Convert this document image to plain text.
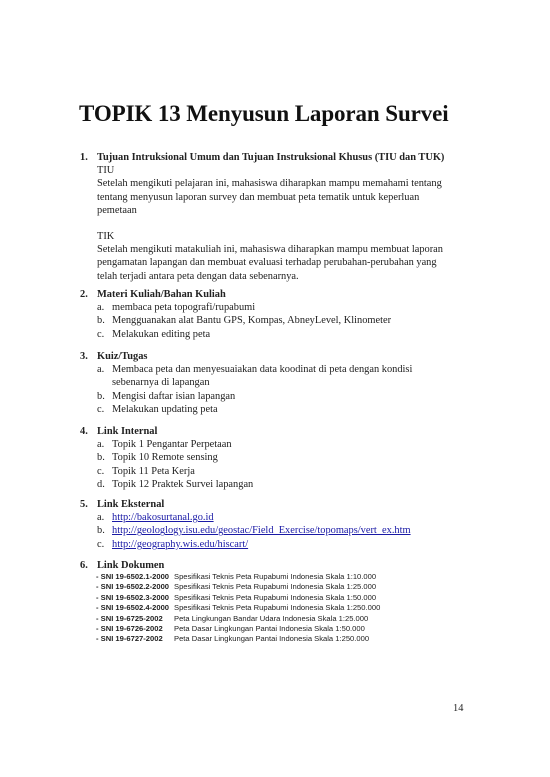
TOPIK 13 Menyusun Laporan Survei
1. Tujuan Intruksional Umum dan Tujuan Instruksional Khusus (TIU dan TUK)
TIU
Setelah mengikuti pelajaran ini, mahasiswa diharapkan mampu memahami tentang
tentang menyusun laporan survey dan membuat peta tematik untuk keperluan
pemetaan
TIK
Setelah mengikuti matakuliah ini, mahasiswa diharapkan mampu membuat laporan
pengamatan lapangan dan membuat evaluasi terhadap perubahan-perubahan yang
telah terjadi antara peta dengan data sebenarnya.
2. Materi Kuliah/Bahan Kuliah
a. membaca peta topografi/rupabumi
b. Mengguanakan alat Bantu GPS, Kompas, AbneyLevel, Klinometer
c. Melakukan editing peta
3. Kuiz/Tugas
a. Membaca peta dan menyesuaiakan data koodinat di peta dengan kondisi
sebenarnya di lapangan
b. Mengisi daftar isian lapangan
c. Melakukan updating peta
4. Link Internal
a. Topik 1 Pengantar Perpetaan
b. Topik 10 Remote sensing
c. Topik 11 Peta Kerja
d. Topik 12 Praktek Survei lapangan
5. Link Eksternal
a. http://bakosurtanal.go.id
b. http://geologlogy.isu.edu/geostac/Field_Exercise/topomaps/vert_ex.htm
c. http://geography.wis.edu/hiscart/
6. Link Dokumen
- SNI 19-6502.1-2000 Spesifikasi Teknis Peta Rupabumi Indonesia Skala 1:10.000
- SNI 19-6502.2-2000 Spesifikasi Teknis Peta Rupabumi Indonesia Skala 1:25.000
- SNI 19-6502.3-2000 Spesifikasi Teknis Peta Rupabumi Indonesia Skala 1:50.000
- SNI 19-6502.4-2000 Spesifikasi Teknis Peta Rupabumi Indonesia Skala 1:250.000
- SNI 19-6725-2002	Peta Lingkungan Bandar Udara Indonesia Skala 1:25.000
- SNI 19-6726-2002	Peta Dasar Lingkungan Pantai Indonesia Skala 1:50.000
- SNI 19-6727-2002	Peta Dasar Lingkungan Pantai Indonesia Skala 1:250.000
14
